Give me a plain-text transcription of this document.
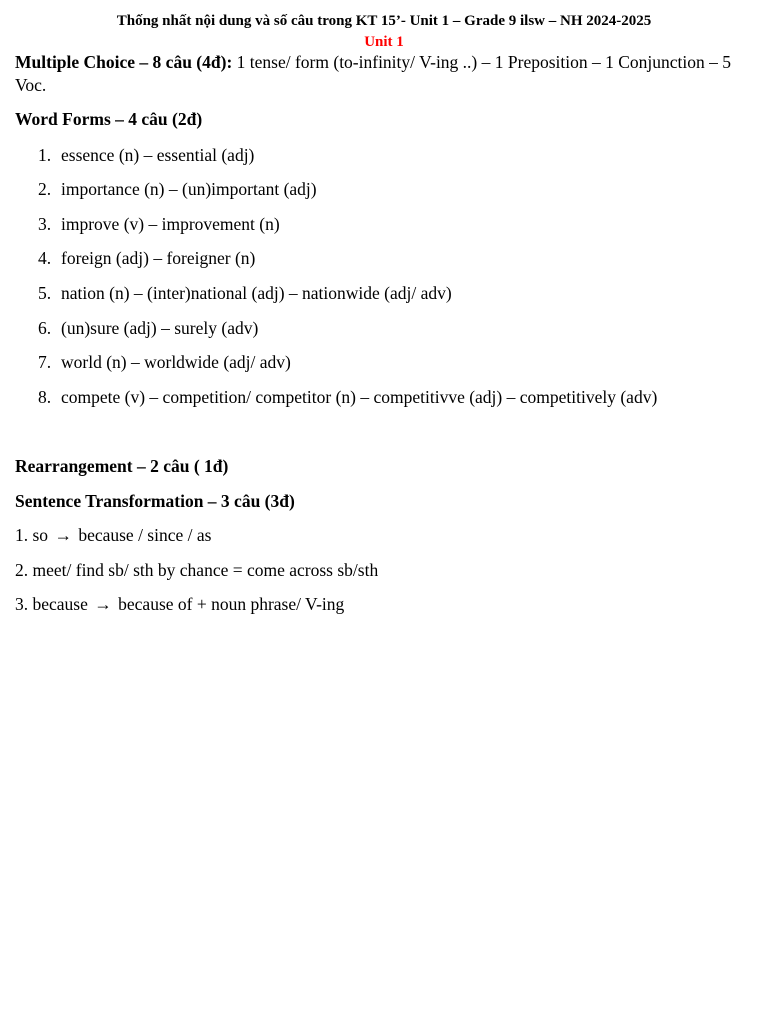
Thống nhất nội dung và số câu trong KT 15’- Unit 1 – Grade 9 ilsw – NH 2024-2025
Unit 1
Multiple Choice – 8 câu (4đ): 1 tense/ form (to-infinity/ V-ing ..) – 1 Preposition – 1 Conjunction – 5 Voc.
Word Forms – 4 câu (2đ)
1. essence (n) – essential (adj)
2. importance (n) – (un)important (adj)
3. improve (v) – improvement (n)
4. foreign (adj) – foreigner (n)
5. nation (n) – (inter)national (adj) – nationwide (adj/ adv)
6. (un)sure (adj) – surely (adv)
7. world (n) – worldwide (adj/ adv)
8. compete (v) – competition/ competitor (n) – competitivve (adj) – competitively (adv)
Rearrangement – 2 câu ( 1đ)
Sentence Transformation – 3 câu (3đ)
1. so → because / since / as
2. meet/ find sb/ sth by chance = come across sb/sth
3. because → because of + noun phrase/ V-ing
